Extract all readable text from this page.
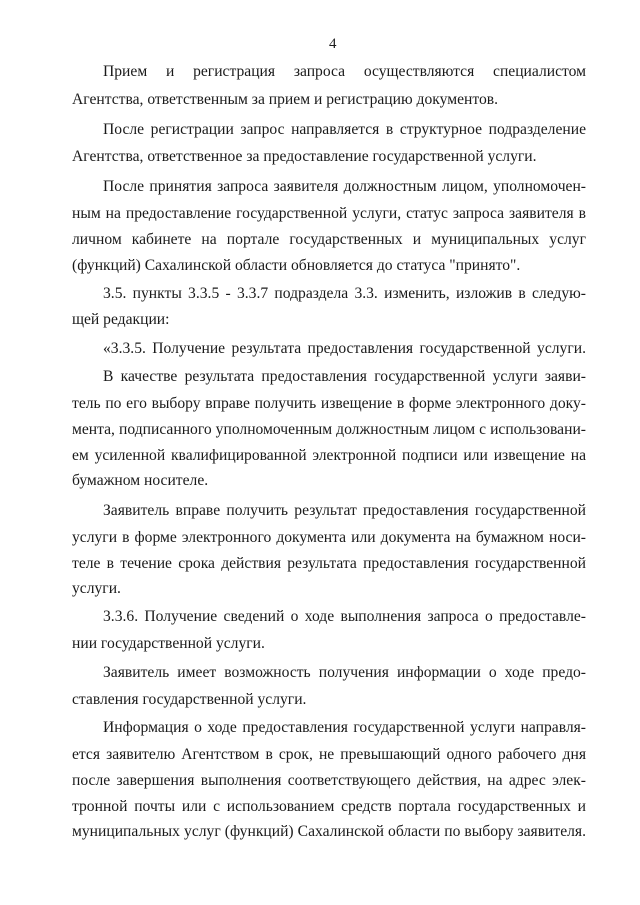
4
Прием и регистрация запроса осуществляются специалистом
Агентства, ответственным за прием и регистрацию документов.
После регистрации запрос направляется в структурное подразделение
Агентства, ответственное за предоставление государственной услуги.
После принятия запроса заявителя должностным лицом, уполномочен-
ным на предоставление государственной услуги, статус запроса заявителя в
личном кабинете на портале государственных и муниципальных услуг
(функций) Сахалинской области обновляется до статуса "принято".
3.5. пункты 3.3.5 - 3.3.7 подраздела 3.3. изменить, изложив в следую-
щей редакции:
«3.3.5. Получение результата предоставления государственной услуги.
В качестве результата предоставления государственной услуги заяви-
тель по его выбору вправе получить извещение в форме электронного доку-
мента, подписанного уполномоченным должностным лицом с использовани-
ем усиленной квалифицированной электронной подписи или извещение на
бумажном носителе.
Заявитель вправе получить результат предоставления государственной
услуги в форме электронного документа или документа на бумажном носи-
теле в течение срока действия результата предоставления государственной
услуги.
3.3.6. Получение сведений о ходе выполнения запроса о предоставле-
нии государственной услуги.
Заявитель имеет возможность получения информации о ходе предо-
ставления государственной услуги.
Информация о ходе предоставления государственной услуги направля-
ется заявителю Агентством в срок, не превышающий одного рабочего дня
после завершения выполнения соответствующего действия, на адрес элек-
тронной почты или с использованием средств портала государственных и
муниципальных услуг (функций) Сахалинской области по выбору заявителя.
